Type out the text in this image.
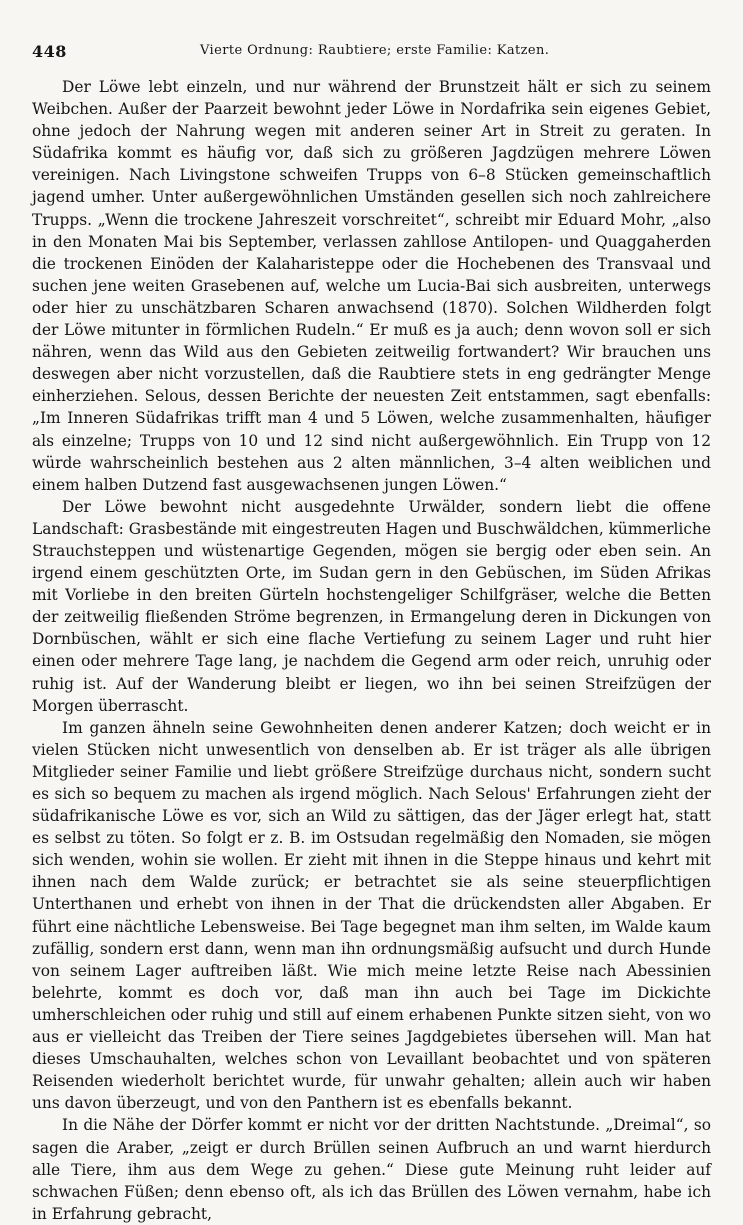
448	Vierte Ordnung: Raubtiere; erste Familie: Katzen.

Der Löwe lebt einzeln, und nur während der Brunstzeit hält er sich zu seinem Weibchen. Außer der Paarzeit bewohnt jeder Löwe in Nordafrika sein eigenes Gebiet, ohne jedoch der Nahrung wegen mit anderen seiner Art in Streit zu geraten. In Südafrika kommt es häufig vor, daß sich zu größeren Jagdzügen mehrere Löwen vereinigen. Nach Livingstone schweifen Trupps von 6–8 Stücken gemeinschaftlich jagend umher. Unter außergewöhnlichen Umständen gesellen sich noch zahlreichere Trupps. „Wenn die trockene Jahreszeit vorschreitet“, schreibt mir Eduard Mohr, „also in den Monaten Mai bis September, verlassen zahllose Antilopen- und Quaggaherden die trockenen Einöden der Kalaharisteppe oder die Hochebenen des Transvaal und suchen jene weiten Grasebenen auf, welche um Lucia-Bai sich ausbreiten, unterwegs oder hier zu unschätzbaren Scharen anwachsend (1870). Solchen Wildherden folgt der Löwe mitunter in förmlichen Rudeln.“ Er muß es ja auch; denn wovon soll er sich nähren, wenn das Wild aus den Gebieten zeitweilig fortwandert? Wir brauchen uns deswegen aber nicht vorzustellen, daß die Raubtiere stets in eng gedrängter Menge einherziehen. Selous, dessen Berichte der neuesten Zeit entstammen, sagt ebenfalls: „Im Inneren Südafrikas trifft man 4 und 5 Löwen, welche zusammenhalten, häufiger als einzelne; Trupps von 10 und 12 sind nicht außergewöhnlich. Ein Trupp von 12 würde wahrscheinlich bestehen aus 2 alten männlichen, 3–4 alten weiblichen und einem halben Dutzend fast ausgewachsenen jungen Löwen.“

Der Löwe bewohnt nicht ausgedehnte Urwälder, sondern liebt die offene Landschaft: Grasbestände mit eingestreuten Hagen und Buschwäldchen, kümmerliche Strauchsteppen und wüstenartige Gegenden, mögen sie bergig oder eben sein. An irgend einem geschützten Orte, im Sudan gern in den Gebüschen, im Süden Afrikas mit Vorliebe in den breiten Gürteln hochstengeliger Schilfgräser, welche die Betten der zeitweilig fließenden Ströme begrenzen, in Ermangelung deren in Dickungen von Dornbüschen, wählt er sich eine flache Vertiefung zu seinem Lager und ruht hier einen oder mehrere Tage lang, je nachdem die Gegend arm oder reich, unruhig oder ruhig ist. Auf der Wanderung bleibt er liegen, wo ihn bei seinen Streifzügen der Morgen überrascht.

Im ganzen ähneln seine Gewohnheiten denen anderer Katzen; doch weicht er in vielen Stücken nicht unwesentlich von denselben ab. Er ist träger als alle übrigen Mitglieder seiner Familie und liebt größere Streifzüge durchaus nicht, sondern sucht es sich so bequem zu machen als irgend möglich. Nach Selous' Erfahrungen zieht der südafrikanische Löwe es vor, sich an Wild zu sättigen, das der Jäger erlegt hat, statt es selbst zu töten. So folgt er z. B. im Ostsudan regelmäßig den Nomaden, sie mögen sich wenden, wohin sie wollen. Er zieht mit ihnen in die Steppe hinaus und kehrt mit ihnen nach dem Walde zurück; er betrachtet sie als seine steuerpflichtigen Unterthanen und erhebt von ihnen in der That die drückendsten aller Abgaben. Er führt eine nächtliche Lebensweise. Bei Tage begegnet man ihm selten, im Walde kaum zufällig, sondern erst dann, wenn man ihn ordnungsmäßig aufsucht und durch Hunde von seinem Lager auftreiben läßt. Wie mich meine letzte Reise nach Abessinien belehrte, kommt es doch vor, daß man ihn auch bei Tage im Dickichte umherschleichen oder ruhig und still auf einem erhabenen Punkte sitzen sieht, von wo aus er vielleicht das Treiben der Tiere seines Jagdgebietes übersehen will. Man hat dieses Umschauhalten, welches schon von Levaillant beobachtet und von späteren Reisenden wiederholt berichtet wurde, für unwahr gehalten; allein auch wir haben uns davon überzeugt, und von den Panthern ist es ebenfalls bekannt.

In die Nähe der Dörfer kommt er nicht vor der dritten Nachtstunde. „Dreimal“, so sagen die Araber, „zeigt er durch Brüllen seinen Aufbruch an und warnt hierdurch alle Tiere, ihm aus dem Wege zu gehen.“ Diese gute Meinung ruht leider auf schwachen Füßen; denn ebenso oft, als ich das Brüllen des Löwen vernahm, habe ich in Erfahrung gebracht,
